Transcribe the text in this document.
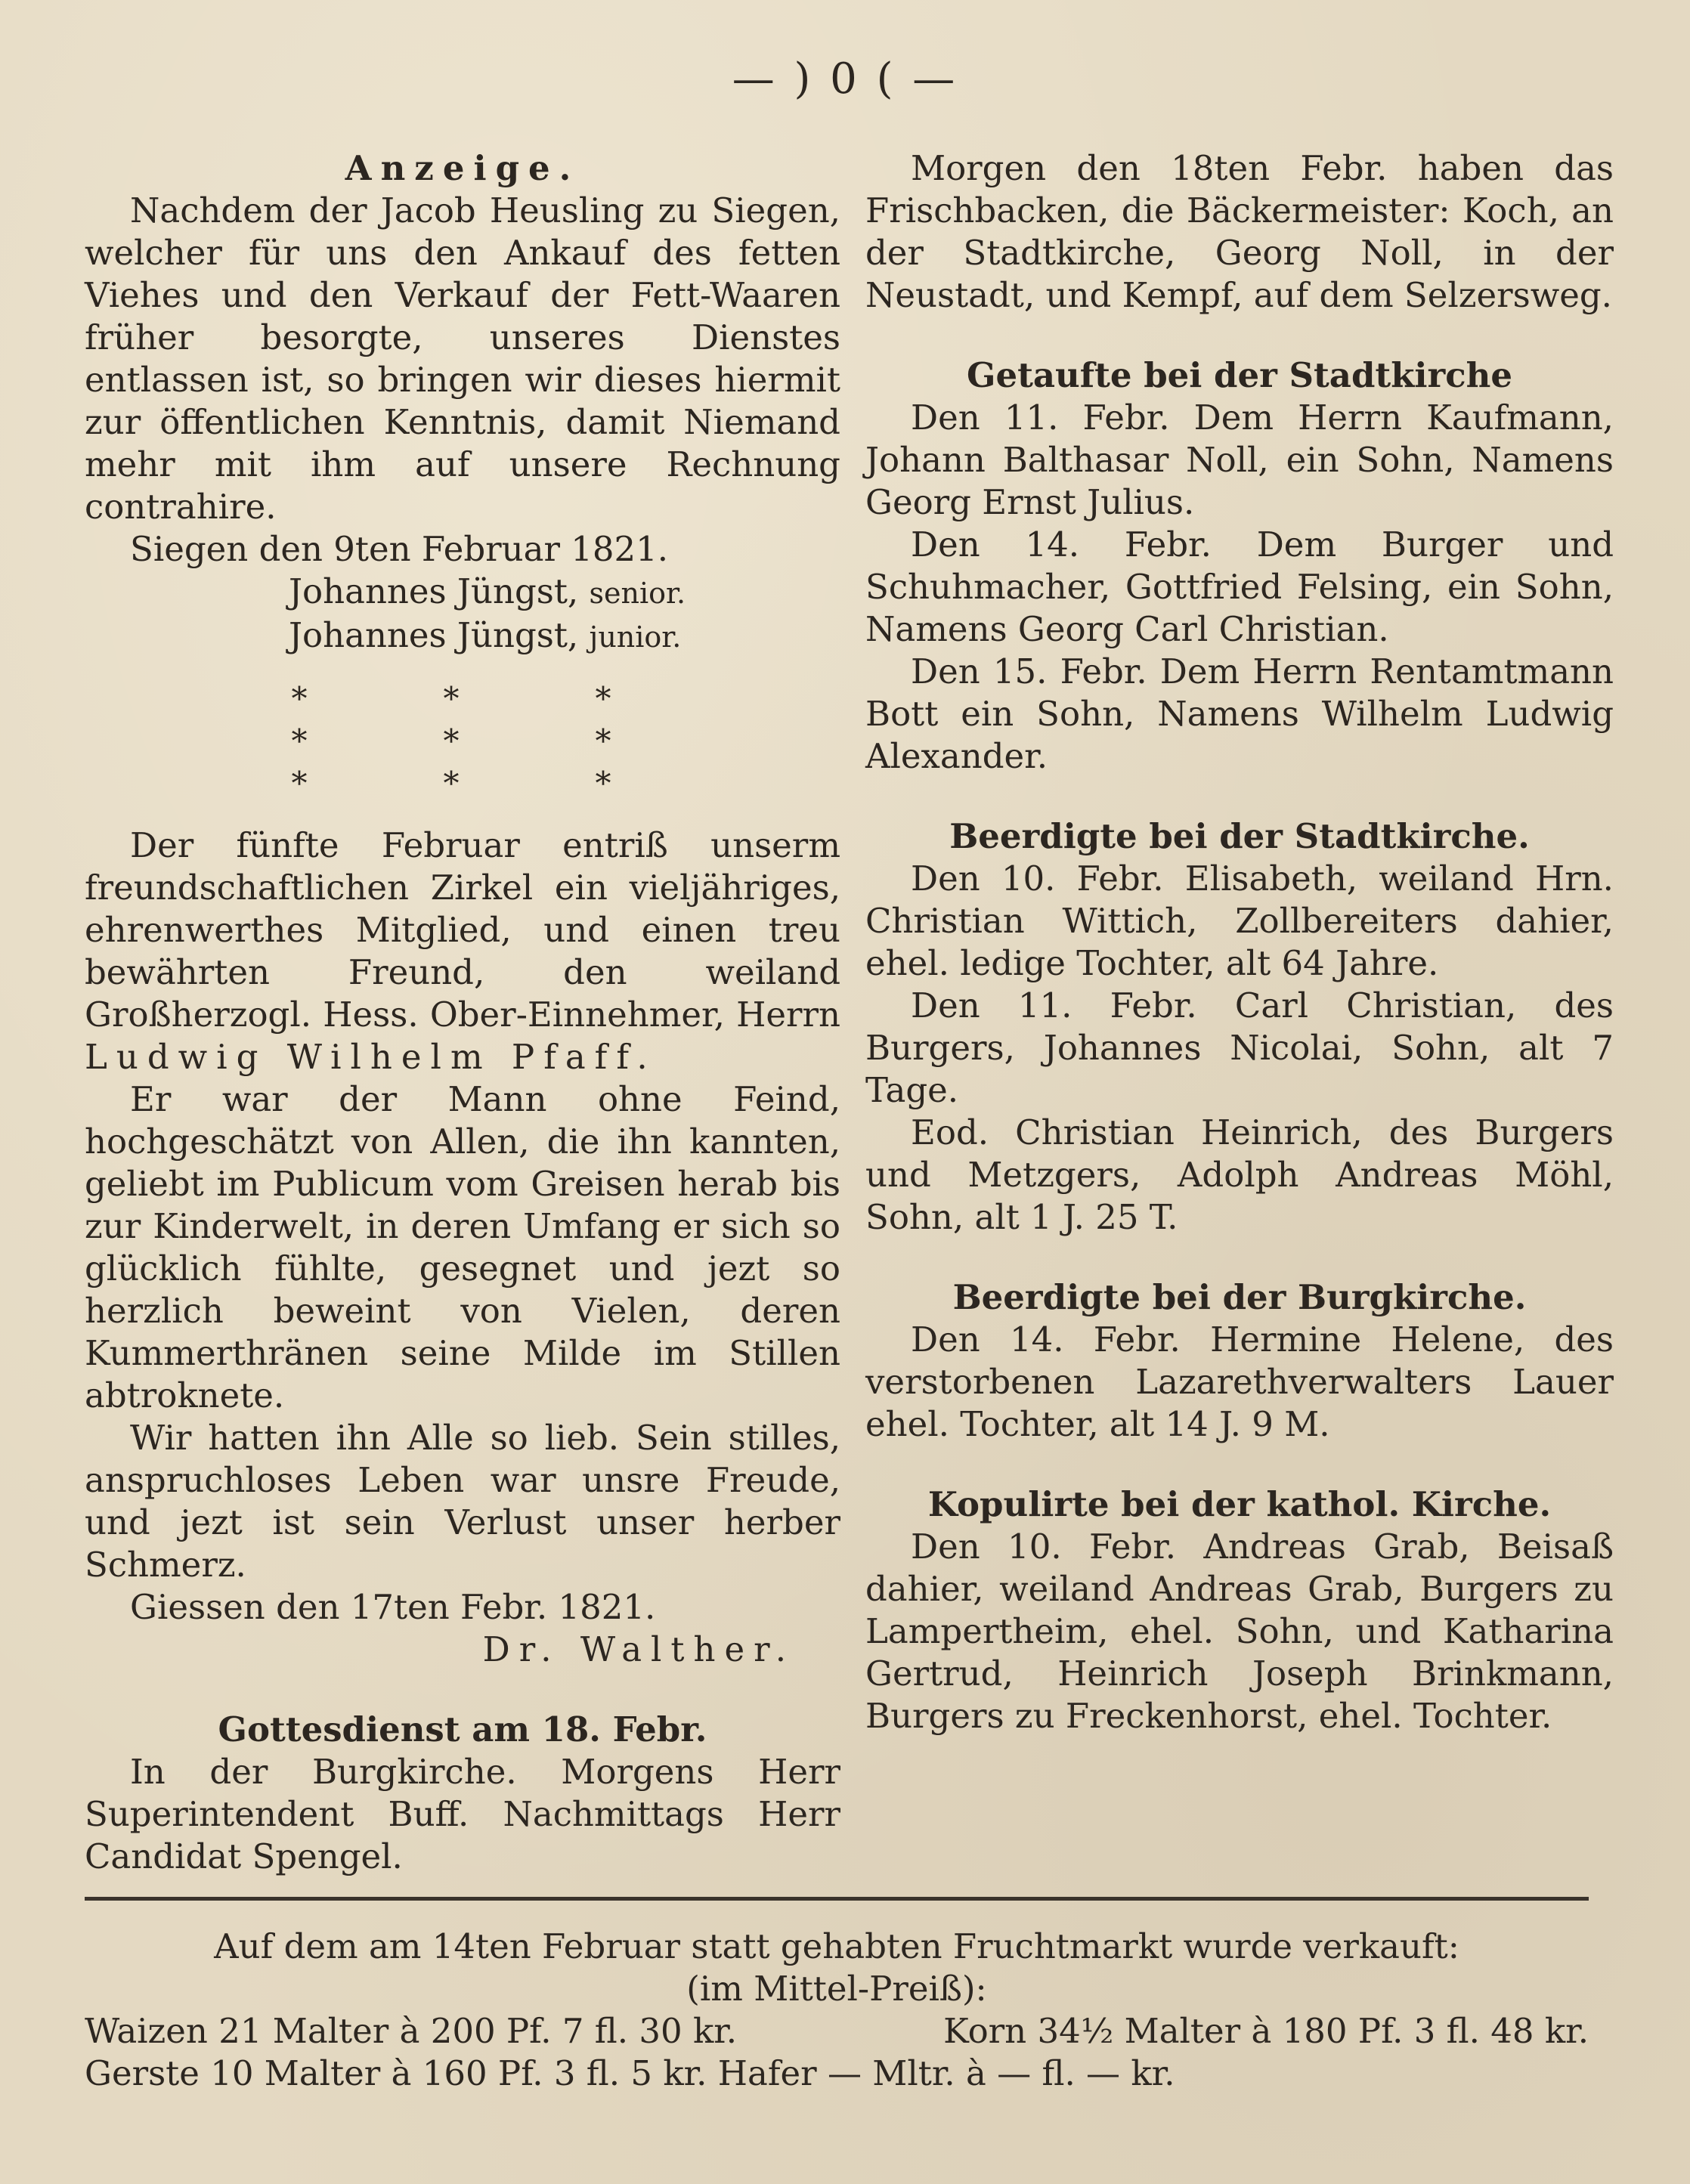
— ) 0 ( —

Anzeige.

Nachdem der Jacob Heusling zu Siegen, welcher für uns den Ankauf des fetten Viehes und den Verkauf der Fett-Waaren früher besorgte, unseres Dienstes entlassen ist, so bringen wir dieses hiermit zur öffentlichen Kenntnis, damit Niemand mehr mit ihm auf unsere Rechnung contrahire.

Siegen den 9ten Februar 1821.

Johannes Jüngst, senior.

Johannes Jüngst, junior.

*** *** ***

Der fünfte Februar entriß unserm freundschaftlichen Zirkel ein vieljähriges, ehrenwerthes Mitglied, und einen treu bewährten Freund, den weiland Großherzogl. Hess. Ober-Einnehmer, Herrn Ludwig Wilhelm Pfaff.

Er war der Mann ohne Feind, hochgeschätzt von Allen, die ihn kannten, geliebt im Publicum vom Greisen herab bis zur Kinderwelt, in deren Umfang er sich so glücklich fühlte, gesegnet und jezt so herzlich beweint von Vielen, deren Kummerthränen seine Milde im Stillen abtroknete.

Wir hatten ihn Alle so lieb. Sein stilles, anspruchloses Leben war unsre Freude, und jezt ist sein Verlust unser herber Schmerz.

Giessen den 17ten Febr. 1821.

Dr. Walther.

Gottesdienst am 18. Febr.

In der Burgkirche. Morgens Herr Superintendent Buff. Nachmittags Herr Candidat Spengel.

Morgen den 18ten Febr. haben das Frischbacken, die Bäckermeister: Koch, an der Stadtkirche, Georg Noll, in der Neustadt, und Kempf, auf dem Selzersweg.

Getaufte bei der Stadtkirche

Den 11. Febr. Dem Herrn Kaufmann, Johann Balthasar Noll, ein Sohn, Namens Georg Ernst Julius.

Den 14. Febr. Dem Burger und Schuhmacher, Gottfried Felsing, ein Sohn, Namens Georg Carl Christian.

Den 15. Febr. Dem Herrn Rentamtmann Bott ein Sohn, Namens Wilhelm Ludwig Alexander.

Beerdigte bei der Stadtkirche.

Den 10. Febr. Elisabeth, weiland Hrn. Christian Wittich, Zollbereiters dahier, ehel. ledige Tochter, alt 64 Jahre.

Den 11. Febr. Carl Christian, des Burgers, Johannes Nicolai, Sohn, alt 7 Tage.

Eod. Christian Heinrich, des Burgers und Metzgers, Adolph Andreas Möhl, Sohn, alt 1 J. 25 T.

Beerdigte bei der Burgkirche.

Den 14. Febr. Hermine Helene, des verstorbenen Lazarethverwalters Lauer ehel. Tochter, alt 14 J. 9 M.

Kopulirte bei der kathol. Kirche.

Den 10. Febr. Andreas Grab, Beisaß dahier, weiland Andreas Grab, Burgers zu Lampertheim, ehel. Sohn, und Katharina Gertrud, Heinrich Joseph Brinkmann, Burgers zu Freckenhorst, ehel. Tochter.

Auf dem am 14ten Februar statt gehabten Fruchtmarkt wurde verkauft:

(im Mittel-Preiß):

Waizen 21 Malter à 200 Pf. 7 fl. 30 kr.	Korn 34½ Malter à 180 Pf. 3 fl. 48 kr.

Gerste 10 Malter à 160 Pf. 3 fl. 5 kr. Hafer — Mltr. à — fl. — kr.
